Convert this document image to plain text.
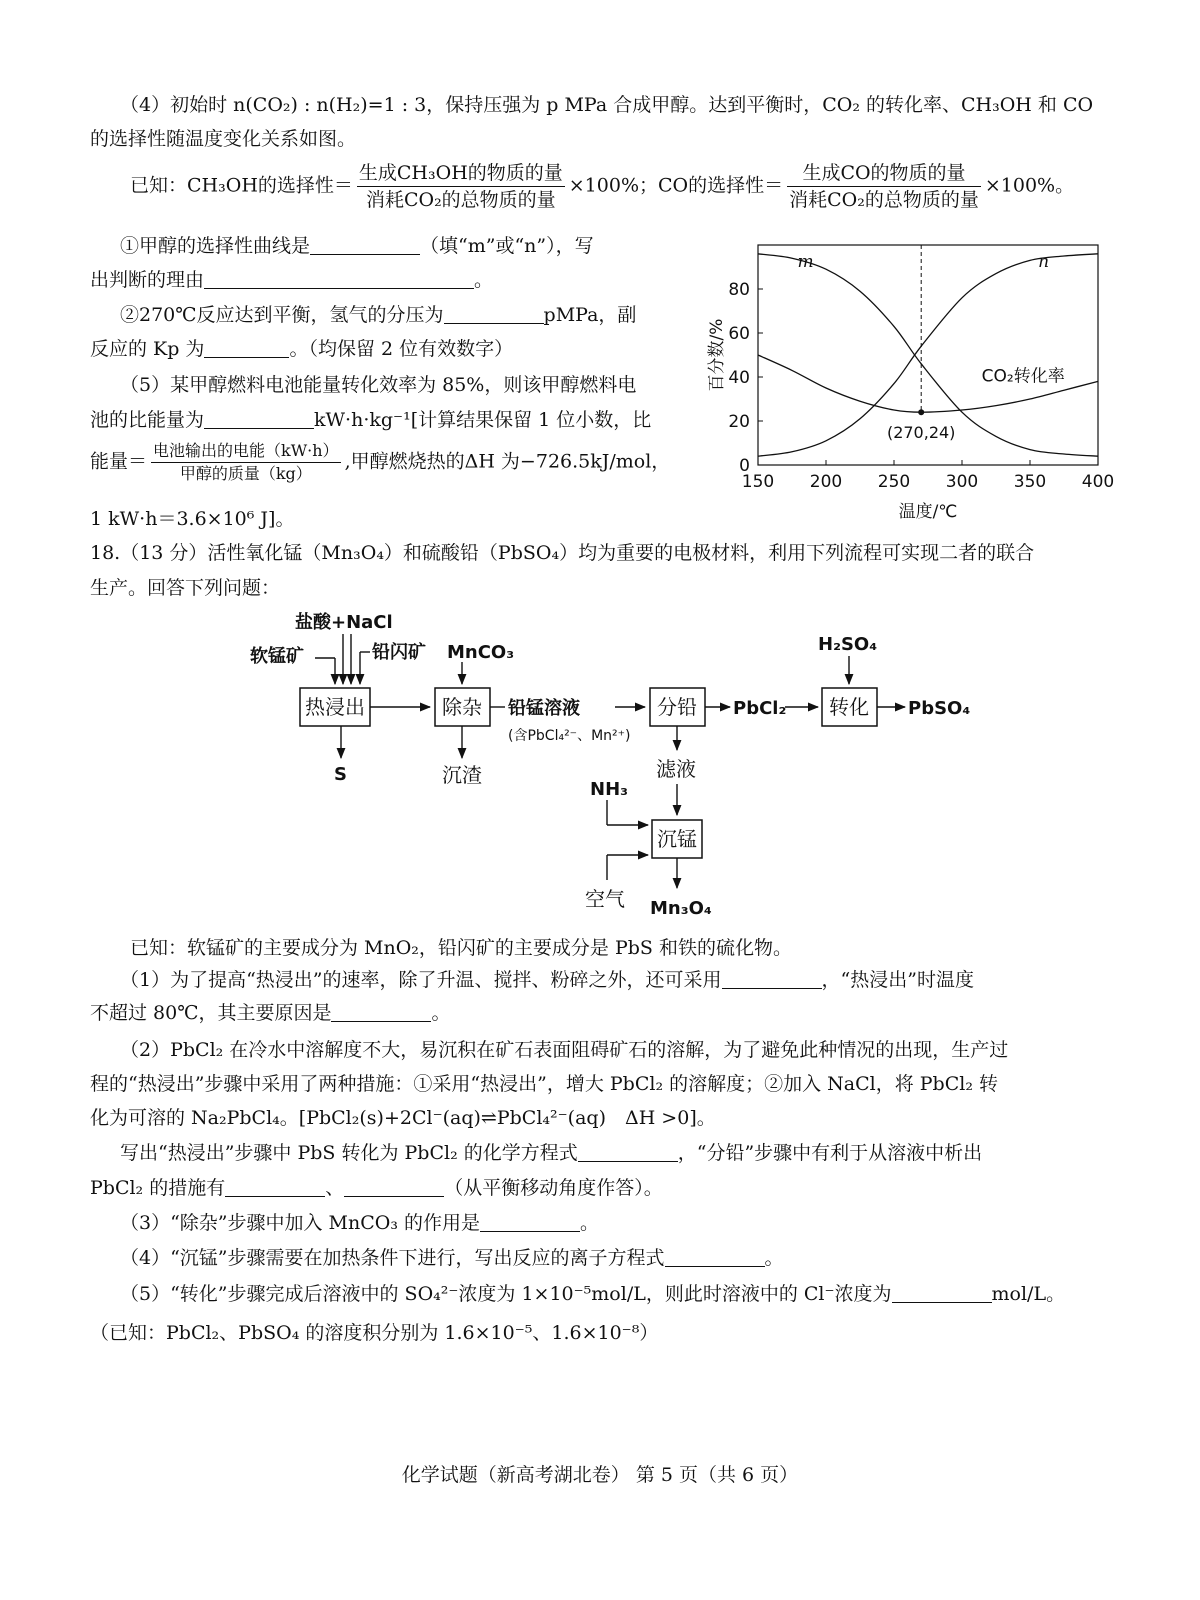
（4）初始时 n(CO₂) : n(H₂)=1 : 3，保持压强为 p MPa 合成甲醇。达到平衡时，CO₂ 的转化率、CH₃OH 和 CO
的选择性随温度变化关系如图。
已知：CH₃OH的选择性＝ $\frac{\text{生成CH₃OH的物质的量}}{\text{消耗CO₂的总物质的量}} \times 100\%$；CO的选择性＝ $\frac{\text{生成CO的物质的量}}{\text{消耗CO₂的总物质的量}} \times 100\%$。
①甲醇的选择性曲线是	（填“m”或“n”），写
出判断的理由	。
②270℃反应达到平衡，氢气的分压为	pMPa，副
反应的 Kp 为	。（均保留 2 位有效数字）
（5）某甲醇燃料电池能量转化效率为 85%，则该甲醇燃料电
池的比能量为	kW·h·kg⁻¹[计算结果保留 1 位小数，比
能量＝ $\frac{\text{电池输出的电能（kW·h）}}{\text{甲醇的质量（kg）}}$ ,甲醇燃烧热的ΔH 为−726.5kJ/mol，
1 kW·h＝3.6×10⁶ J]。
150 200 250 300 350 400
0
20
40
60
80
温度/℃
百分数/%
m	n
CO₂转化率
(270,24)
18.（13 分）活性氧化锰（Mn₃O₄）和硫酸铅（PbSO₄）均为重要的电极材料，利用下列流程可实现二者的联合
生产。回答下列问题：
盐酸+NaCl
软锰矿	铅闪矿 MnCO₃	H₂SO₄
热浸出	除杂 铅锰溶液
(含PbCl₄²⁻、Mn²⁺)
分铅 PbCl₂ 转化 PbSO₄
S	沉渣	滤液
NH₃
沉锰
空气 Mn₃O₄
已知：软锰矿的主要成分为 MnO₂，铅闪矿的主要成分是 PbS 和铁的硫化物。
（1）为了提高“热浸出”的速率，除了升温、搅拌、粉碎之外，还可采用	，“热浸出”时温度
不超过 80℃，其主要原因是	。
（2）PbCl₂ 在冷水中溶解度不大，易沉积在矿石表面阻碍矿石的溶解，为了避免此种情况的出现，生产过
程的“热浸出”步骤中采用了两种措施：①采用“热浸出”，增大 PbCl₂ 的溶解度；②加入 NaCl，将 PbCl₂ 转
化为可溶的 Na₂PbCl₄。[PbCl₂(s)+2Cl⁻(aq)⇌PbCl₄²⁻(aq)　ΔH >0]。
写出“热浸出”步骤中 PbS 转化为 PbCl₂ 的化学方程式	，“分铅”步骤中有利于从溶液中析出
PbCl₂ 的措施有	、	（从平衡移动角度作答）。
（3）“除杂”步骤中加入 MnCO₃ 的作用是	。
（4）“沉锰”步骤需要在加热条件下进行，写出反应的离子方程式	。
（5）“转化”步骤完成后溶液中的 SO₄²⁻浓度为 1×10⁻⁵mol/L，则此时溶液中的 Cl⁻浓度为	mol/L。
（已知：PbCl₂、PbSO₄ 的溶度积分别为 1.6×10⁻⁵、1.6×10⁻⁸）
化学试题（新高考湖北卷） 第 5 页（共 6 页）
